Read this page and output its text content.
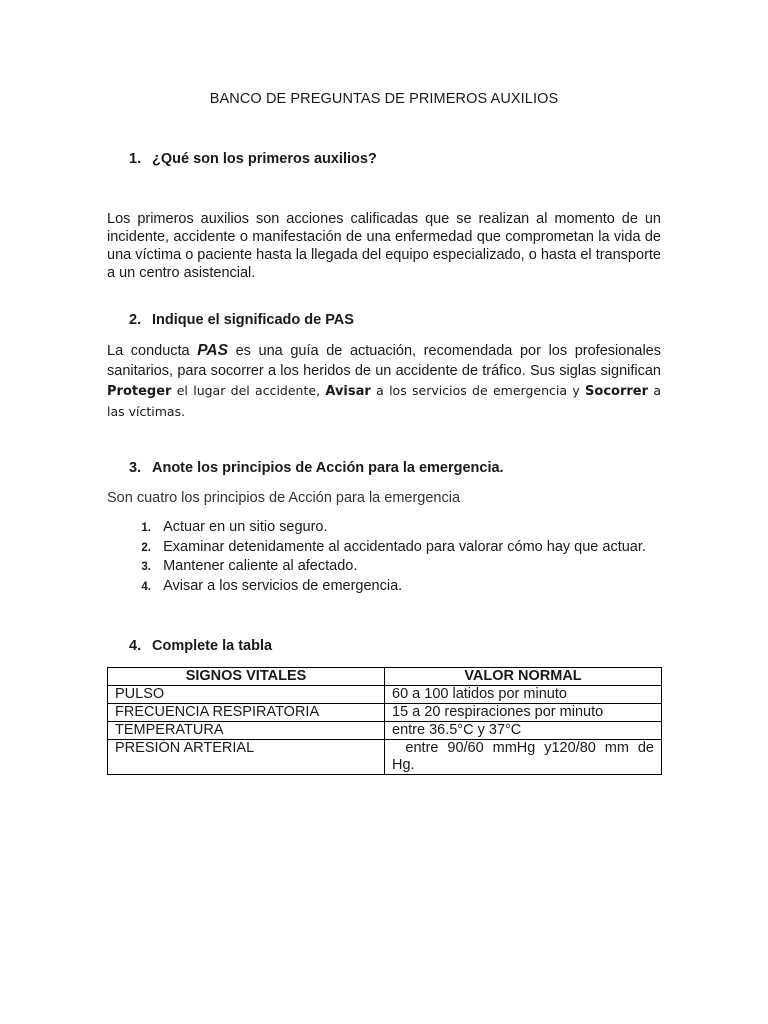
BANCO DE PREGUNTAS DE PRIMEROS AUXILIOS
1. ¿Qué son los primeros auxilios?
Los primeros auxilios son acciones calificadas que se realizan al momento de un incidente, accidente o manifestación de una enfermedad que comprometan la vida de una víctima o paciente hasta la llegada del equipo especializado, o hasta el transporte a un centro asistencial.
2. Indique el significado de PAS
La conducta PAS es una guía de actuación, recomendada por los profesionales sanitarios, para socorrer a los heridos de un accidente de tráfico. Sus siglas significan Proteger el lugar del accidente, Avisar a los servicios de emergencia y Socorrer a las víctimas.
3. Anote los principios de Acción para la emergencia.
Son cuatro los principios de Acción para la emergencia
1. Actuar en un sitio seguro.
2. Examinar detenidamente al accidentado para valorar cómo hay que actuar.
3. Mantener caliente al afectado.
4. Avisar a los servicios de emergencia.
4. Complete la tabla
SIGNOS VITALES	VALOR NORMAL
PULSO	60 a 100 latidos por minuto
FRECUENCIA RESPIRATORIA	15 a 20 respiraciones por minuto
TEMPERATURA	entre 36.5°C y 37°C
PRESIÓN ARTERIAL	entre  90/60  mmHg  y120/80  mm  de Hg.
